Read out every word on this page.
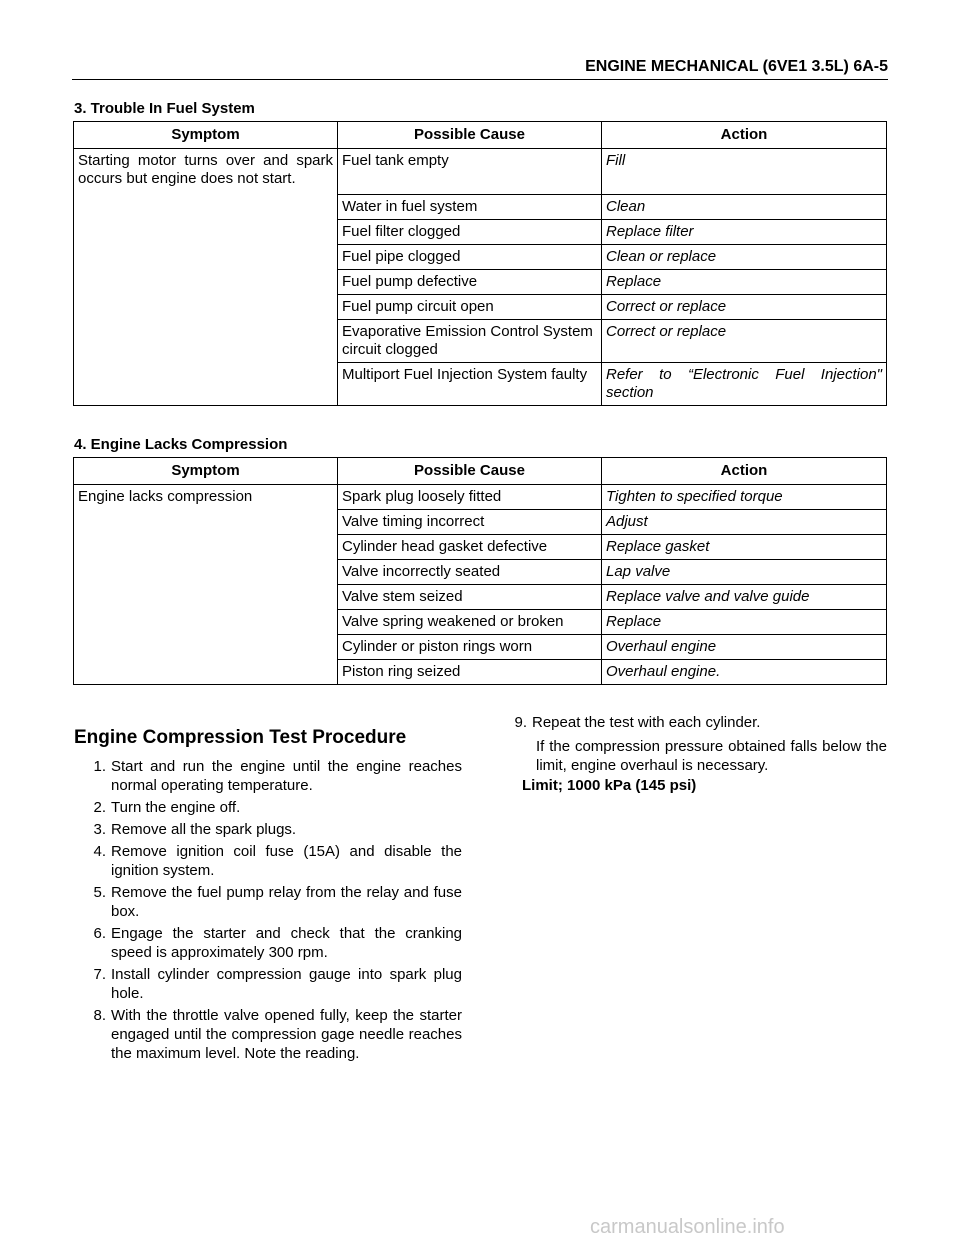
ENGINE MECHANICAL (6VE1 3.5L) 6A-5
3. Trouble In Fuel System
Symptom	Possible Cause	Action
Starting motor turns over and spark occurs but engine does not start.	Fuel tank empty	Fill
	Water in fuel system	Clean
	Fuel filter clogged	Replace filter
	Fuel pipe clogged	Clean or replace
	Fuel pump defective	Replace
	Fuel pump circuit open	Correct or replace
	Evaporative Emission Control System circuit clogged	Correct or replace
	Multiport Fuel Injection System faulty	Refer to “Electronic Fuel Injection" section
4. Engine Lacks Compression
Symptom	Possible Cause	Action
Engine lacks compression	Spark plug loosely fitted	Tighten to specified torque
	Valve timing incorrect	Adjust
	Cylinder head gasket defective	Replace gasket
	Valve incorrectly seated	Lap valve
	Valve stem seized	Replace valve and valve guide
	Valve spring weakened or broken	Replace
	Cylinder or piston rings worn	Overhaul engine
	Piston ring seized	Overhaul engine.
Engine Compression Test Procedure
1. Start and run the engine until the engine reaches normal operating temperature.
2. Turn the engine off.
3. Remove all the spark plugs.
4. Remove ignition coil fuse (15A) and disable the ignition system.
5. Remove the fuel pump relay from the relay and fuse box.
6. Engage the starter and check that the cranking speed is approximately 300 rpm.
7. Install cylinder compression gauge into spark plug hole.
8. With the throttle valve opened fully, keep the starter engaged until the compression gage needle reaches the maximum level. Note the reading.
9. Repeat the test with each cylinder.
If the compression pressure obtained falls below the limit, engine overhaul is necessary.
Limit; 1000 kPa (145 psi)
carmanualsonline.info
